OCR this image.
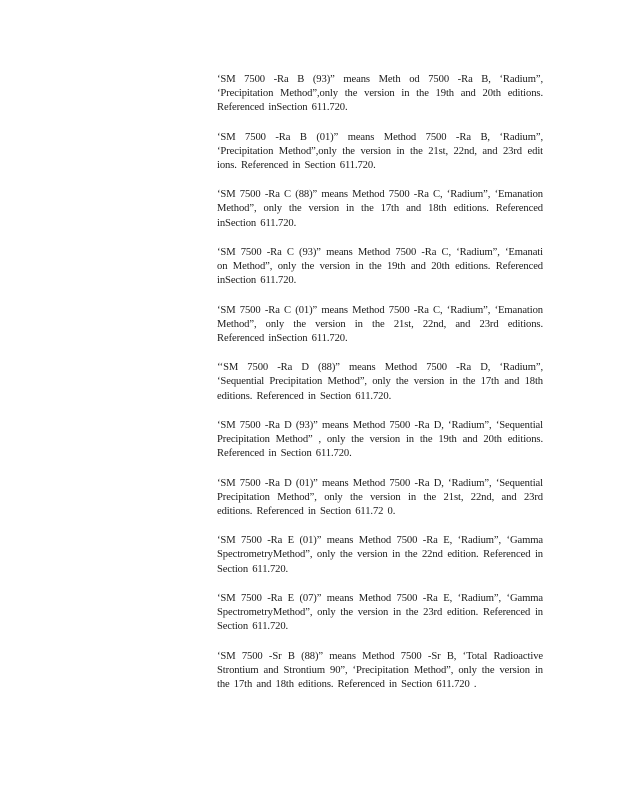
‘SM 7500 -Ra B (93)” means Meth od 7500 -Ra B, ‘Radium”, ‘Precipitation Method”,only the version in the 19th and 20th editions. Referenced inSection 611.720.

‘SM 7500 -Ra B (01)” means Method 7500 -Ra B, ‘Radium”, ‘Precipitation Method”,only the version in the 21st, 22nd, and 23rd edit ions. Referenced in Section 611.720.

‘SM 7500 -Ra C (88)” means Method 7500 -Ra C, ‘Radium”, ‘Emanation Method”, only the version in the 17th and 18th editions. Referenced inSection 611.720.

‘SM 7500 -Ra C (93)” means Method 7500 -Ra C, ‘Radium”, ‘Emanati on Method”, only the version in the 19th and 20th editions. Referenced inSection 611.720.

‘SM 7500 -Ra C (01)” means Method 7500 -Ra C, ‘Radium”, ‘Emanation Method”, only the version in the 21st, 22nd, and 23rd editions. Referenced inSection 611.720.

‘‘SM 7500 -Ra D (88)” means Method 7500 -Ra D, ‘Radium”, ‘Sequential Precipitation Method”, only the version in the 17th and 18th editions. Referenced in Section 611.720.

‘SM 7500 -Ra D (93)” means Method 7500 -Ra D, ‘Radium”, ‘Sequential Precipitation Method” , only the version in the 19th and 20th editions. Referenced in Section 611.720.

‘SM 7500 -Ra D (01)” means Method 7500 -Ra D, ‘Radium”, ‘Sequential Precipitation Method”, only the version in the 21st, 22nd, and 23rd editions. Referenced in Section 611.72 0.

‘SM 7500 -Ra E (01)” means Method 7500 -Ra E, ‘Radium”, ‘Gamma SpectrometryMethod”, only the version in the 22nd edition. Referenced in Section 611.720.

‘SM 7500 -Ra E (07)” means Method 7500 -Ra E, ‘Radium”, ‘Gamma SpectrometryMethod”, only the version in the 23rd edition. Referenced in Section 611.720.

‘SM 7500 -Sr B (88)” means Method 7500 -Sr B, ‘Total Radioactive Strontium and Strontium 90”, ‘Precipitation Method”, only the version in the 17th and 18th editions. Referenced in Section 611.720 .
